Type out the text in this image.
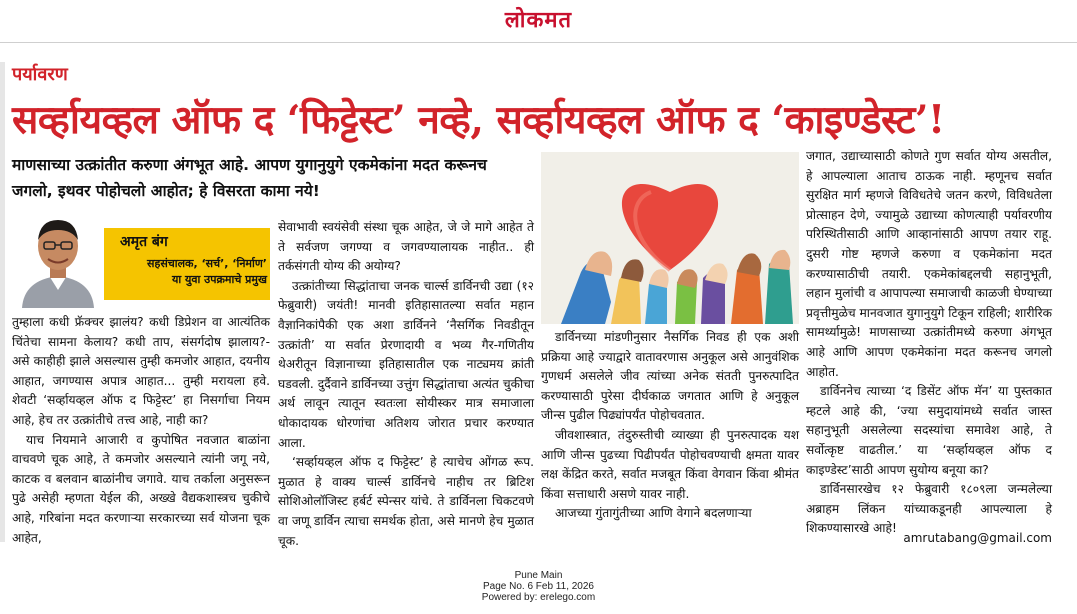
लोकमत
पर्यावरण
सर्व्हायव्हल ऑफ द ‘फिट्टेस्ट’ नव्हे, सर्व्हायव्हल ऑफ द ‘काइण्डेस्ट’!
माणसाच्या उत्क्रांतीत करुणा अंगभूत आहे. आपण युगानुयुगे एकमेकांना मदत करूनच जगलो, इथवर पोहोचलो आहोत; हे विसरता कामा नये!
अमृत बंग
सहसंचालक, ‘सर्च’, ‘निर्माण’
या युवा उपक्रमाचे प्रमुख

तुम्हाला कधी फ्रॅक्चर झालंय? कधी डिप्रेशन वा आत्यंतिक चिंतेचा सामना केलाय? कधी ताप, संसर्गदोष झालाय?- असे काहीही झाले असल्यास तुम्ही कमजोर आहात, दयनीय आहात, जगण्यास अपात्र आहात... तुम्ही मरायला हवे. शेवटी ‘सर्व्हायव्हल ऑफ द फिट्टेस्ट’ हा निसर्गाचा नियम आहे, हेच तर उत्क्रांतीचे तत्त्व आहे, नाही का?

याच नियमाने आजारी व कुपोषित नवजात बाळांना वाचवणे चूक आहे, ते कमजोर असल्याने त्यांनी जगू नये, काटक व बलवान बाळांनीच जगावे. याच तर्काला अनुसरून पुढे असेही म्हणता येईल की, अख्खे वैद्यकशास्त्रच चुकीचे आहे, गरिबांना मदत करणाऱ्या सरकारच्या सर्व योजना चूक आहेत,

सेवाभावी स्वयंसेवी संस्था चूक आहेत, जे जे मागे आहेत ते ते सर्वजण जगण्या व जगवण्यालायक नाहीत.. ही तर्कसंगती योग्य की अयोग्य?

उत्क्रांतीच्या सिद्धांताचा जनक चार्ल्स डार्विनची उद्या (१२ फेब्रुवारी) जयंती! मानवी इतिहासातल्या सर्वात महान वैज्ञानिकांपैकी एक अशा डार्विनने ‘नैसर्गिक निवडीतून उत्क्रांती’ या सर्वात प्रेरणादायी व भव्य गैर-गणितीय थेअरीतून विज्ञानाच्या इतिहासातील एक नाट्यमय क्रांती घडवली. दुर्दैवाने डार्विनच्या उत्तुंग सिद्धांताचा अत्यंत चुकीचा अर्थ लावून त्यातून स्वतःला सोयीस्कर मात्र समाजाला धोकादायक धोरणांचा अतिशय जोरात प्रचार करण्यात आला.

‘सर्व्हायव्हल ऑफ द फिट्टेस्ट’ हे त्याचेच ओंगळ रूप. मुळात हे वाक्य चार्ल्स डार्विनचे नाहीच तर ब्रिटिश सोशिओलॉजिस्ट हर्बर्ट स्पेन्सर यांचे. ते डार्विनला चिकटवणे वा जणू डार्विन त्याचा समर्थक होता, असे मानणे हेच मुळात चूक.

डार्विनच्या मांडणीनुसार नैसर्गिक निवड ही एक अशी प्रक्रिया आहे ज्याद्वारे वातावरणास अनुकूल असे आनुवंशिक गुणधर्म असलेले जीव त्यांच्या अनेक संतती पुनरुत्पादित करण्यासाठी पुरेसा दीर्घकाळ जगतात आणि हे अनुकूल जीन्स पुढील पिढ्यांपर्यंत पोहोचवतात.

जीवशास्त्रात, तंदुरुस्तीची व्याख्या ही पुनरुत्पादक यश आणि जीन्स पुढच्या पिढीपर्यंत पोहोचवण्याची क्षमता यावर लक्ष केंद्रित करते, सर्वात मजबूत किंवा वेगवान किंवा श्रीमंत किंवा सत्ताधारी असणे यावर नाही.

आजच्या गुंतागुंतीच्या आणि वेगाने बदलणाऱ्या

जगात, उद्याच्यासाठी कोणते गुण सर्वात योग्य असतील, हे आपल्याला आताच ठाऊक नाही. म्हणूनच सर्वात सुरक्षित मार्ग म्हणजे विविधतेचे जतन करणे, विविधतेला प्रोत्साहन देणे, ज्यामुळे उद्याच्या कोणत्याही पर्यावरणीय परिस्थितीसाठी आणि आव्हानांसाठी आपण तयार राहू. दुसरी गोष्ट म्हणजे करुणा व एकमेकांना मदत करण्यासाठीची तयारी. एकमेकांबद्दलची सहानुभूती, लहान मुलांची व आपापल्या समाजाची काळजी घेण्याच्या प्रवृत्तीमुळेच मानवजात युगानुयुगे टिकून राहिली; शारीरिक सामर्थ्यामुळे! माणसाच्या उत्क्रांतीमध्ये करुणा अंगभूत आहे आणि आपण एकमेकांना मदत करूनच जगलो आहोत.

डार्विननेच त्याच्या ‘द डिसेंट ऑफ मॅन’ या पुस्तकात म्हटले आहे की, ‘ज्या समुदायांमध्ये सर्वात जास्त सहानुभूती असलेल्या सदस्यांचा समावेश आहे, ते सर्वोत्कृष्ट वाढतील.’ या ‘सर्व्हायव्हल ऑफ द काइण्डेस्ट’साठी आपण सुयोग्य बनूया का?

डार्विनसारखेच १२ फेब्रुवारी १८०९ला जन्मलेल्या अब्राहम लिंकन यांच्याकडूनही आपल्याला हे शिकण्यासारखे आहे!

amrutabang@gmail.com
Pune Main
Page No. 6 Feb 11, 2026
Powered by: erelego.com
